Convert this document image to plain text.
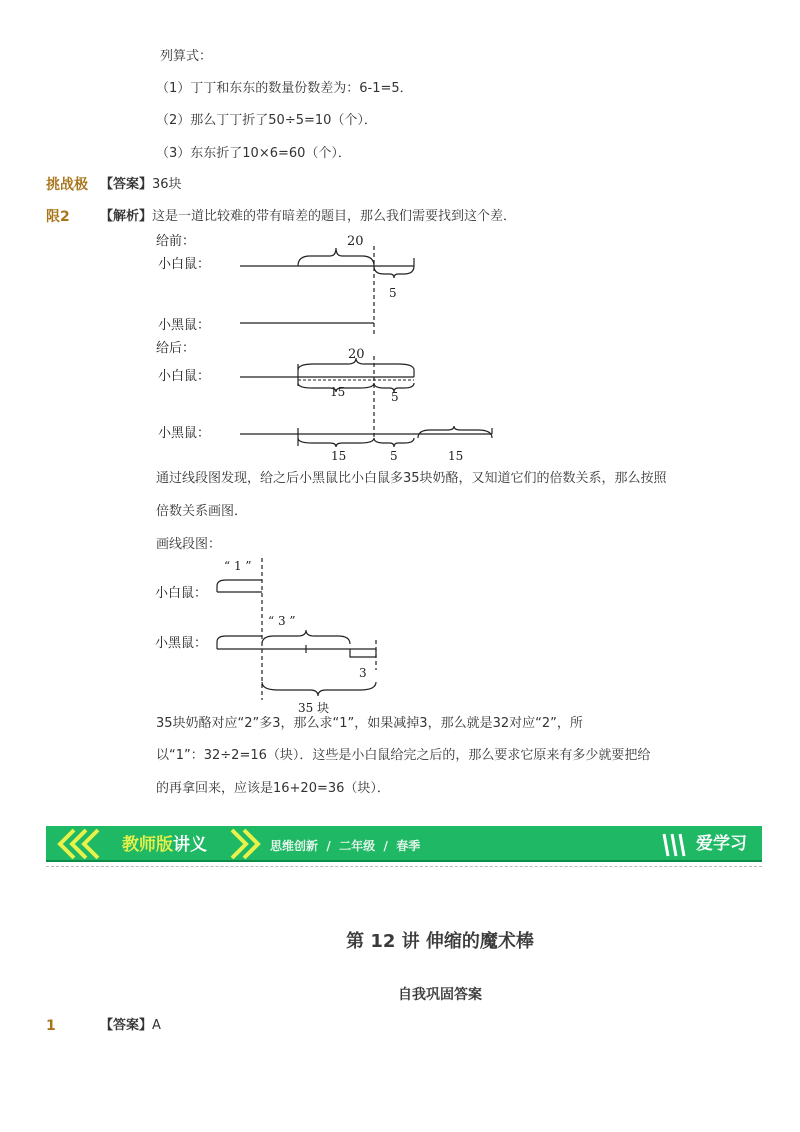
列算式：
（1）丁丁和东东的数量份数差为：6-1=5．
（2）那么丁丁折了50÷5=10（个）．
（3）东东折了10×6=60（个）．
挑战极 【答案】36块
限2 【解析】这是一道比较难的带有暗差的题目，那么我们需要找到这个差．
给前：
小白鼠：
20
5
小黑鼠：
给后：
小白鼠：
20
15	5
小黑鼠：
15	5	15
通过线段图发现，给之后小黑鼠比小白鼠多35块奶酪，又知道它们的倍数关系，那么按照
倍数关系画图．
画线段图：
“ 1 ”
小白鼠：
“ 3 ”
小黑鼠：
3
35 块
35块奶酪对应“2”多3，那么求“1”，如果减掉3，那么就是32对应“2”，所
以“1”：32÷2=16（块）．这些是小白鼠给完之后的，那么要求它原来有多少就要把给
的再拿回来，应该是16+20=36（块）．
教师版讲义	思维创新  /  二年级  /  春季	爱学习
第 12 讲 伸缩的魔术棒
自我巩固答案
1	【答案】A
